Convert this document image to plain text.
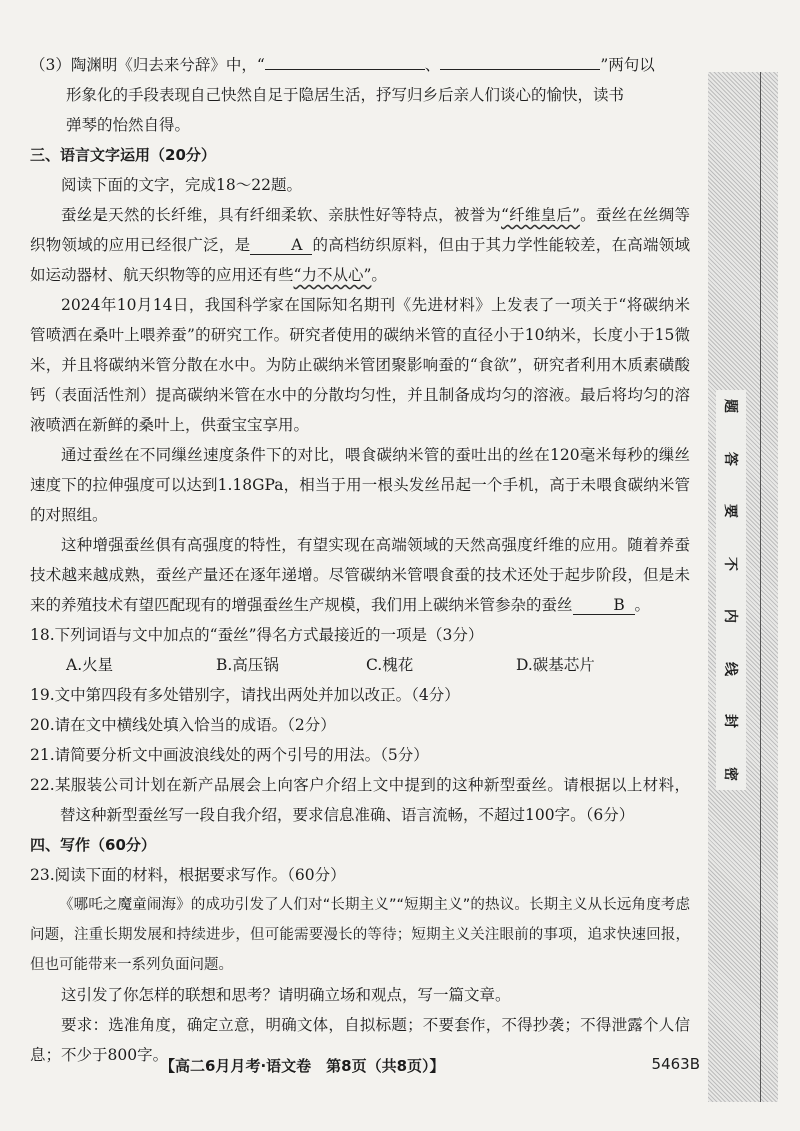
（3）陶渊明《归去来兮辞》中，“	、	”两句以

形象化的手段表现自己快然自足于隐居生活，抒写归乡后亲人们谈心的愉快，读书

弹琴的怡然自得。

三、语言文字运用（20分）

阅读下面的文字，完成18～22题。

蚕丝是天然的长纤维，具有纤细柔软、亲肤性好等特点，被誉为“纤维皇后”。蚕丝在丝绸等织物领域的应用已经很广泛，是	A 的高档纺织原料，但由于其力学性能较差，在高端领域如运动器材、航天织物等的应用还有些“力不从心”。

2024年10月14日，我国科学家在国际知名期刊《先进材料》上发表了一项关于“将碳纳米管喷洒在桑叶上喂养蚕”的研究工作。研究者使用的碳纳米管的直径小于10纳米，长度小于15微米，并且将碳纳米管分散在水中。为防止碳纳米管团聚影响蚕的“食欲”，研究者利用木质素磺酸钙（表面活性剂）提高碳纳米管在水中的分散均匀性，并且制备成均匀的溶液。最后将均匀的溶液喷洒在新鲜的桑叶上，供蚕宝宝享用。

通过蚕丝在不同缫丝速度条件下的对比，喂食碳纳米管的蚕吐出的丝在120毫米每秒的缫丝速度下的拉伸强度可以达到1.18GPa，相当于用一根头发丝吊起一个手机，高于未喂食碳纳米管的对照组。

这种增强蚕丝俱有高强度的特性，有望实现在高端领域的天然高强度纤维的应用。随着养蚕技术越来越成熟，蚕丝产量还在逐年递增。尽管碳纳米管喂食蚕的技术还处于起步阶段，但是未来的养殖技术有望匹配现有的增强蚕丝生产规模，我们用上碳纳米管参杂的蚕丝	B 。

18.下列词语与文中加点的“蚕丝”得名方式最接近的一项是（3分）

A.火星	B.高压锅	C.槐花	D.碳基芯片

19.文中第四段有多处错别字，请找出两处并加以改正。（4分）

20.请在文中横线处填入恰当的成语。（2分）

21.请简要分析文中画波浪线处的两个引号的用法。（5分）

22.某服装公司计划在新产品展会上向客户介绍上文中提到的这种新型蚕丝。请根据以上材料，替这种新型蚕丝写一段自我介绍，要求信息准确、语言流畅，不超过100字。（6分）

四、写作（60分）

23.阅读下面的材料，根据要求写作。（60分）

《哪吒之魔童闹海》的成功引发了人们对“长期主义”“短期主义”的热议。长期主义从长远角度考虑问题，注重长期发展和持续进步，但可能需要漫长的等待；短期主义关注眼前的事项，追求快速回报，但也可能带来一系列负面问题。

这引发了你怎样的联想和思考？请明确立场和观点，写一篇文章。

要求：选准角度，确定立意，明确文体，自拟标题；不要套作，不得抄袭；不得泄露个人信息；不少于800字。

【高二6月月考·语文卷　第8页（共8页）】	5463B
题
答
要
不
内
线
封
密
